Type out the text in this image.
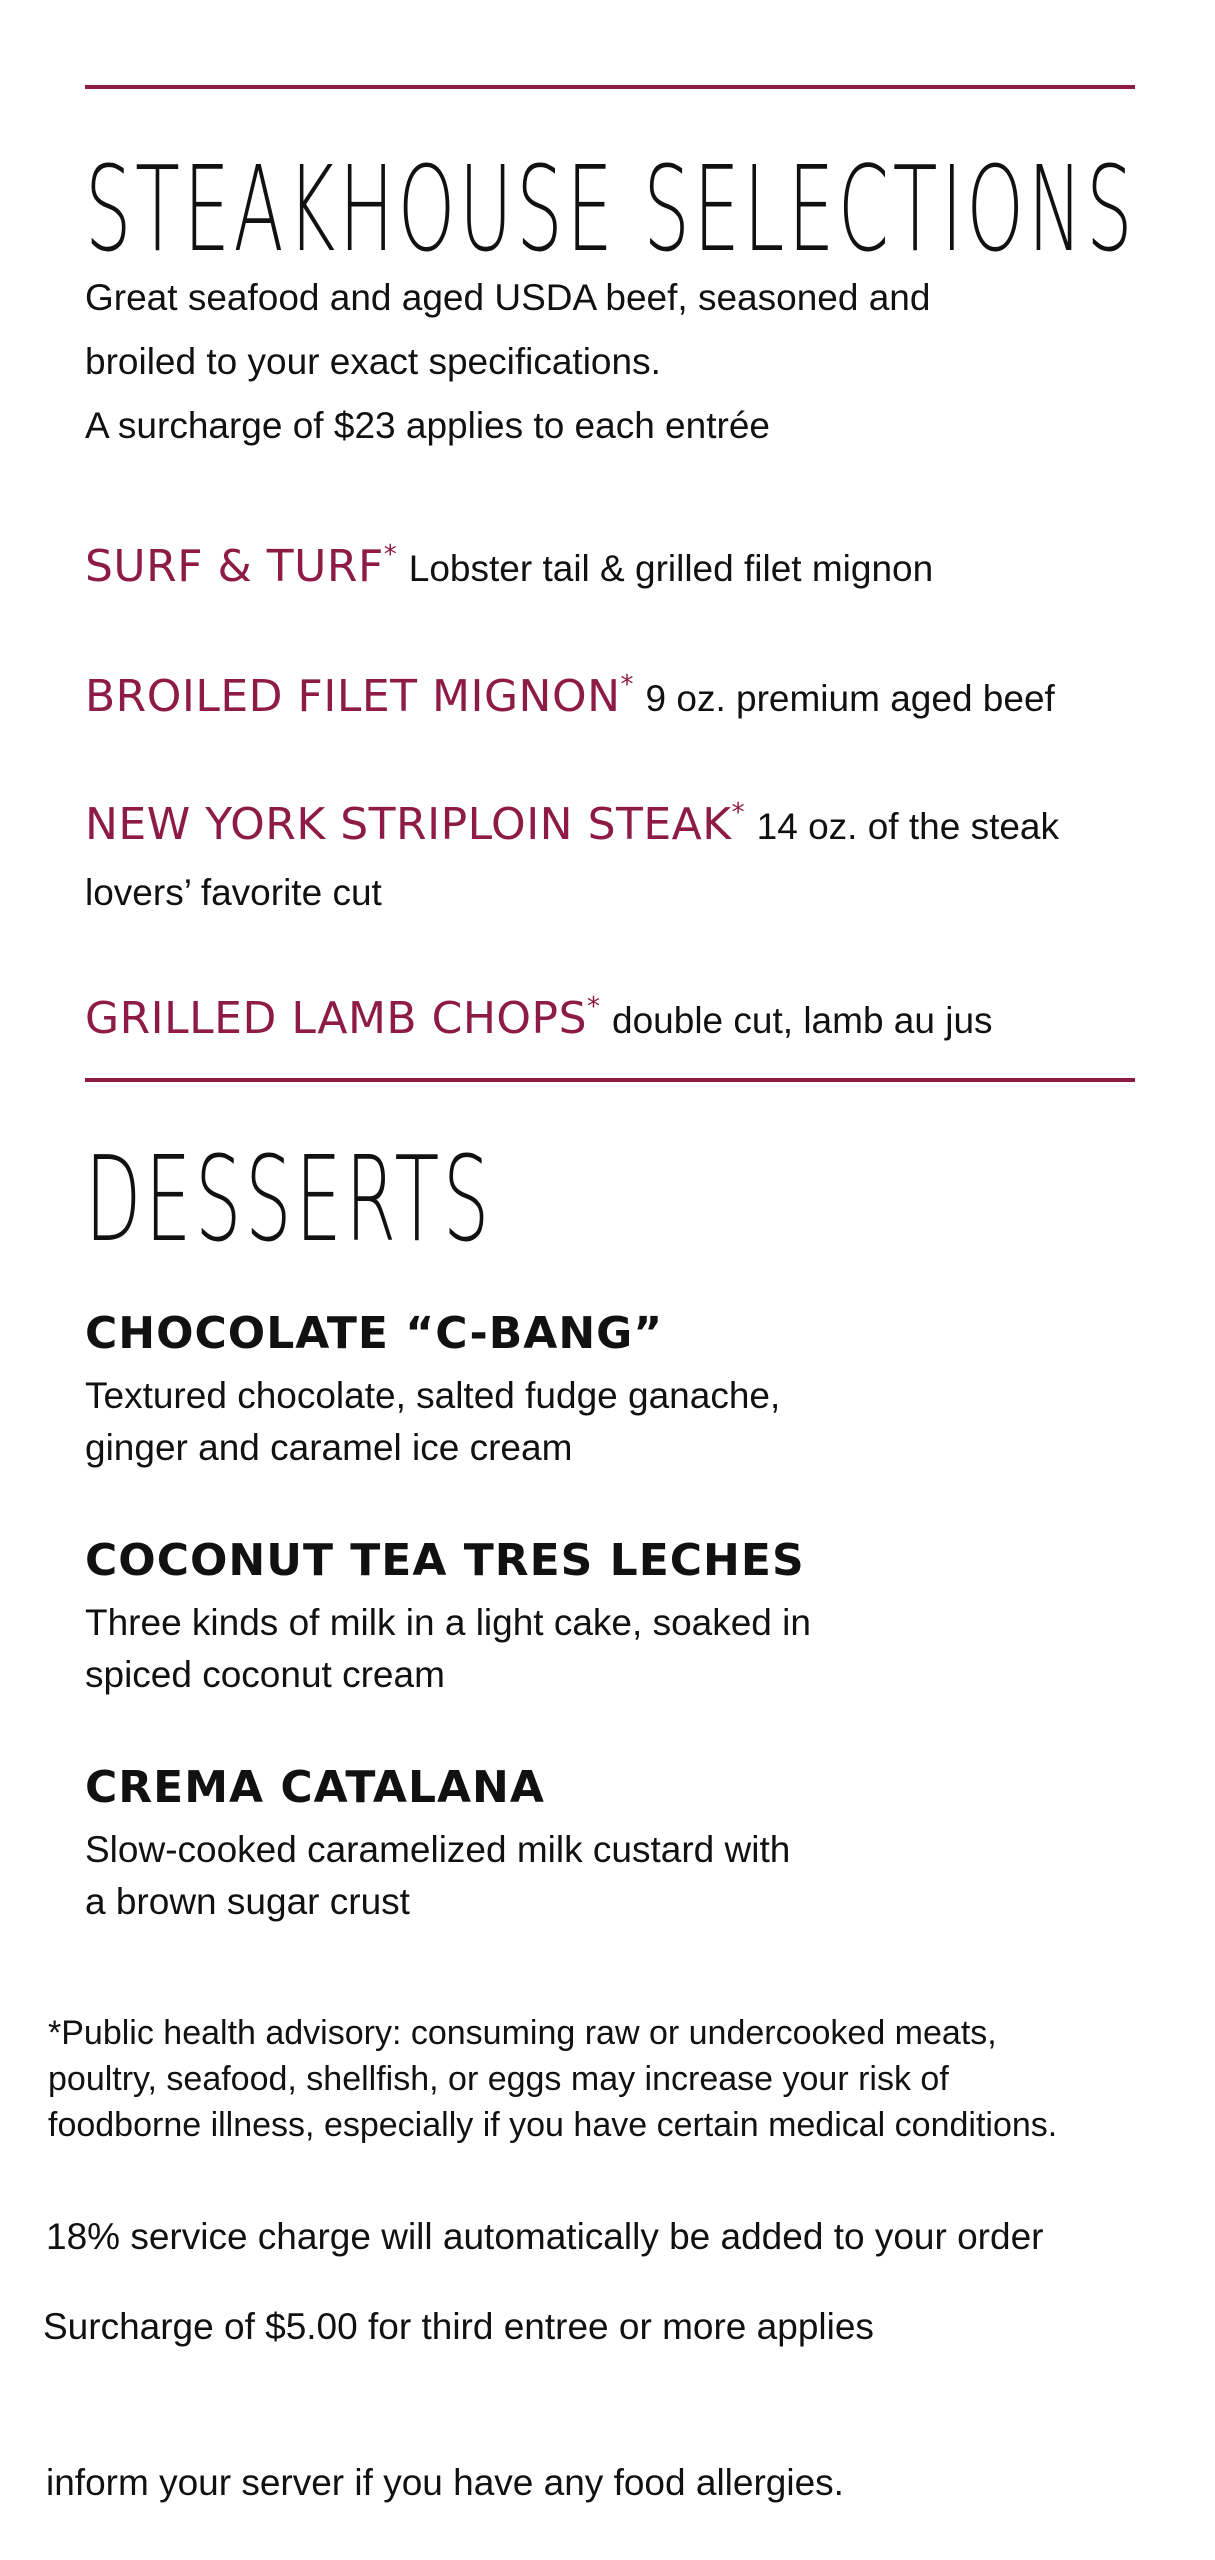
STEAKHOUSE SELECTIONS

Great seafood and aged USDA beef, seasoned and
broiled to your exact specifications.
A surcharge of $23 applies to each entrée

SURF & TURF* Lobster tail & grilled filet mignon

BROILED FILET MIGNON* 9 oz. premium aged beef

NEW YORK STRIPLOIN STEAK* 14 oz. of the steak lovers’ favorite cut

GRILLED LAMB CHOPS* double cut, lamb au jus

DESSERTS
CHOCOLATE “C-BANG”

Textured chocolate, salted fudge ganache,
ginger and caramel ice cream

COCONUT TEA TRES LECHES

Three kinds of milk in a light cake, soaked in
spiced coconut cream

CREMA CATALANA

Slow-cooked caramelized milk custard with
a brown sugar crust

*Public health advisory: consuming raw or undercooked meats,
poultry, seafood, shellfish, or eggs may increase your risk of
foodborne illness, especially if you have certain medical conditions.

18% service charge will automatically be added to your order

Surcharge of $5.00 for third entree or more applies

inform your server if you have any food allergies.
